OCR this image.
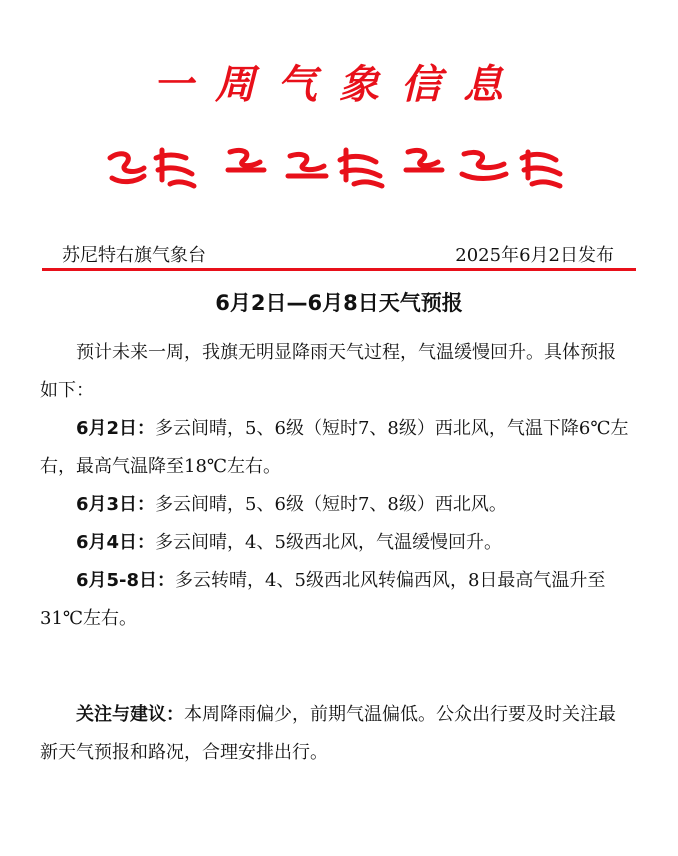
一周气象信息
苏尼特右旗气象台	2025年6月2日发布
6月2日—6月8日天气预报

预计未来一周，我旗无明显降雨天气过程，气温缓慢回升。具体预报如下：

6月2日：多云间晴，5、6级（短时7、8级）西北风，气温下降6℃左右，最高气温降至18℃左右。

6月3日：多云间晴，5、6级（短时7、8级）西北风。

6月4日：多云间晴，4、5级西北风，气温缓慢回升。

6月5-8日：多云转晴，4、5级西北风转偏西风，8日最高气温升至31℃左右。

关注与建议：本周降雨偏少，前期气温偏低。公众出行要及时关注最新天气预报和路况，合理安排出行。
